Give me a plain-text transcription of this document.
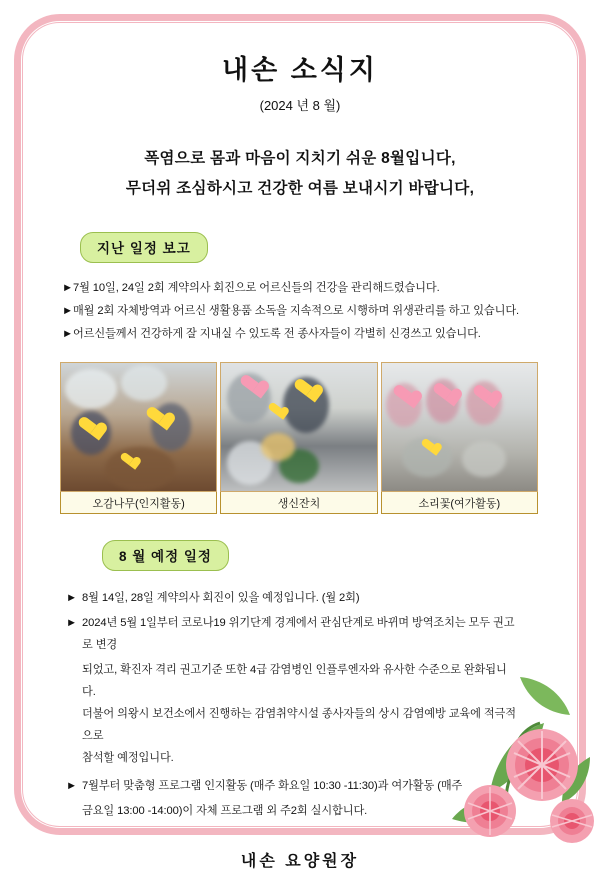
내손 소식지
(2024 년 8 월)
폭염으로 몸과 마음이 지치기 쉬운 8월입니다,
무더위 조심하시고 건강한 여름 보내시기 바랍니다,
지난 일정 보고
►7월 10일, 24일 2회 계약의사 회진으로 어르신들의 건강을 관리해드렸습니다.
►매월 2회 자체방역과 어르신 생활용품 소독을 지속적으로 시행하며 위생관리를 하고 있습니다.
►어르신들께서 건강하게 잘 지내실 수 있도록 전 종사자들이 각별히 신경쓰고 있습니다.
오감나무(인지활동)	생신잔치	소리꽃(여가활동)
8 월 예정 일정
► 8월 14일, 28일 계약의사 회진이 있을 예정입니다. (월 2회)
► 2024년 5월 1일부터 코로나19 위기단계 경계에서 관심단계로 바뀌며 방역조치는 모두 권고로 변경
되었고, 확진자 격리 권고기준 또한 4급 감염병인 인플루엔자와 유사한 수준으로 완화됩니다.
더불어 의왕시 보건소에서 진행하는 감염취약시설 종사자들의 상시 감염예방 교육에 적극적으로
참석할 예정입니다.
► 7월부터 맞춤형 프로그램 인지활동 (매주 화요일 10:30 -11:30)과 여가활동 (매주
금요일 13:00 -14:00)이 자체 프로그램 외 주2회 실시합니다.
내손 요양원장
